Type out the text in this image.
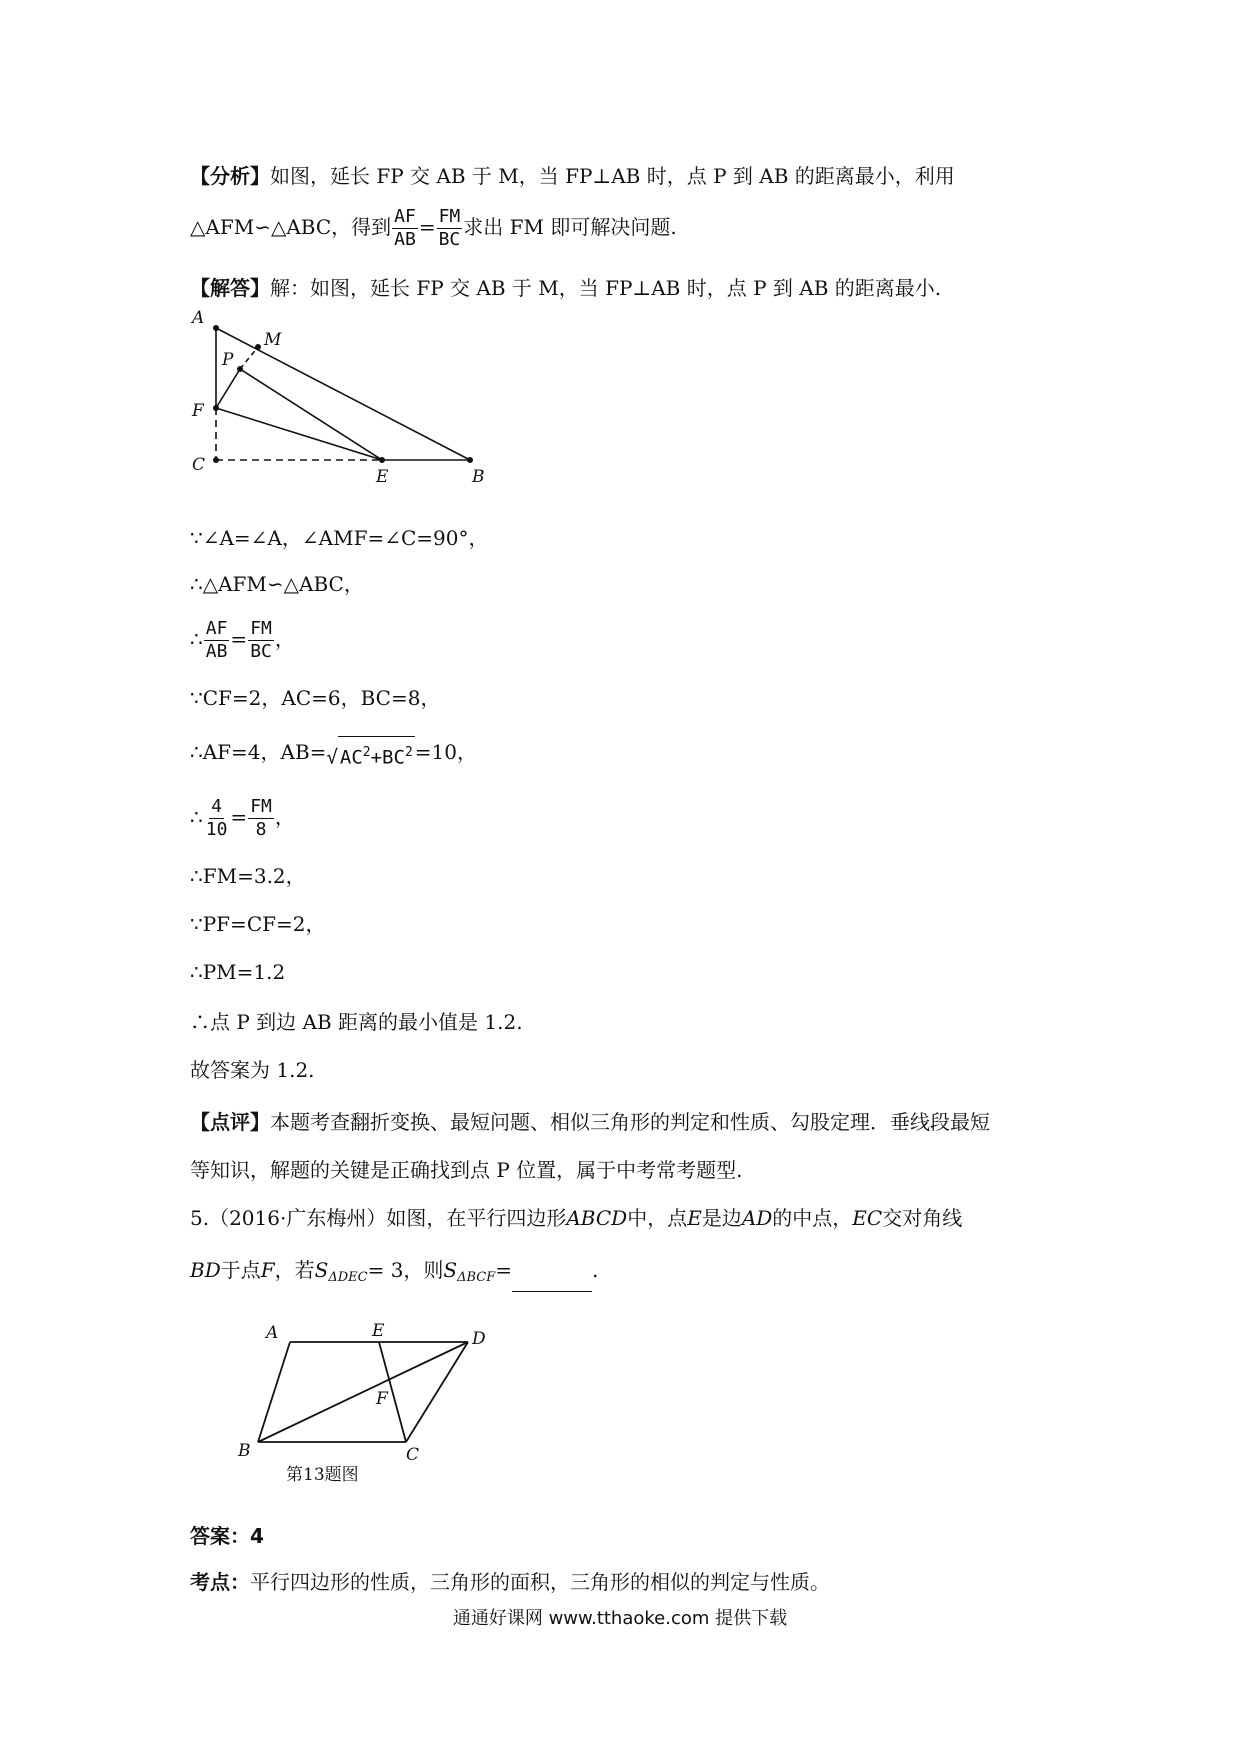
【分析】如图，延长 FP 交 AB 于 M，当 FP⊥AB 时，点 P 到 AB 的距离最小，利用
△AFM∽△ABC，得到 $\frac{AF}{AB} = \frac{FM}{BC}$ 求出 FM 即可解决问题.
【解答】解：如图，延长 FP 交 AB 于 M，当 FP⊥AB 时，点 P 到 AB 的距离最小.
A
M
P
F
C
E	B
∵∠A=∠A，∠AMF=∠C=90°，
∴△AFM∽△ABC，
∴ $\frac{AF}{AB} = \frac{FM}{BC}$ ，
∵CF=2，AC=6，BC=8，
∴AF=4，AB=√ $AC^2+BC^2 =10$，
∴ $\frac{4}{10} = \frac{FM}{8}$ ，
∴FM=3.2，
∵PF=CF=2，
∴PM=1.2
∴点 P 到边 AB 距离的最小值是 1.2.
故答案为 1.2.
【点评】本题考查翻折变换、最短问题、相似三角形的判定和性质、勾股定理．垂线段最短
等知识，解题的关键是正确找到点 P 位置，属于中考常考题型.
5.（2016·广东梅州）如图，在平行四边形ABCD中，点E是边AD的中点，EC交对角线
BD于点F，若$S_{\Delta DEC}= 3$，则$S_{\Delta BCF}=$	.
A	E	D
F
B	C
第13题图
答案：4
考点：平行四边形的性质，三角形的面积，三角形的相似的判定与性质。
通通好课网 www.tthaoke.com 提供下载
